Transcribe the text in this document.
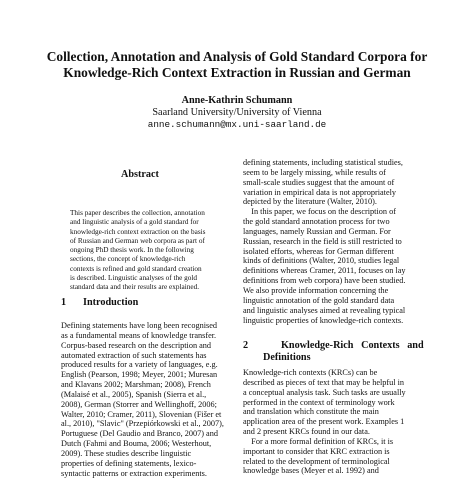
Collection, Annotation and Analysis of Gold Standard Corpora for
Knowledge-Rich Context Extraction in Russian and German
Anne-Kathrin Schumann
Saarland University/University of Vienna
anne.schumann@mx.uni-saarland.de
Abstract
This paper describes the collection, annotation
and linguistic analysis of a gold standard for
knowledge-rich context extraction on the basis
of Russian and German web corpora as part of
ongoing PhD thesis work. In the following
sections, the concept of knowledge-rich
contexts is refined and gold standard creation
is described. Linguistic analyses of the gold
standard data and their results are explained.
1 Introduction
Defining statements have long been recognised
as a fundamental means of knowledge transfer.
Corpus-based research on the description and
automated extraction of such statements has
produced results for a variety of languages, e.g.
English (Pearson, 1998; Meyer, 2001; Muresan
and Klavans 2002; Marshman; 2008), French
(Malaisé et al., 2005), Spanish (Sierra et al.,
2008), German (Storrer and Wellinghoff, 2006;
Walter, 2010; Cramer, 2011), Slovenian (Fišer et
al., 2010), "Slavic" (Przepiórkowski et al., 2007),
Portuguese (Del Gaudio and Branco, 2007) and
Dutch (Fahmi and Bouma, 2006; Westerhout,
2009). These studies describe linguistic
properties of defining statements, lexico-
syntactic patterns or extraction experiments.
defining statements, including statistical studies,
seem to be largely missing, while results of
small-scale studies suggest that the amount of
variation in empirical data is not appropriately
depicted by the literature (Walter, 2010).
In this paper, we focus on the description of
the gold standard annotation process for two
languages, namely Russian and German. For
Russian, research in the field is still restricted to
isolated efforts, whereas for German different
kinds of definitions (Walter, 2010, studies legal
definitions whereas Cramer, 2011, focuses on lay
definitions from web corpora) have been studied.
We also provide information concerning the
linguistic annotation of the gold standard data
and linguistic analyses aimed at revealing typical
linguistic properties of knowledge-rich contexts.
2	Knowledge-Rich   Contexts   and
Definitions
Knowledge-rich contexts (KRCs) can be
described as pieces of text that may be helpful in
a conceptual analysis task. Such tasks are usually
performed in the context of terminology work
and translation which constitute the main
application area of the present work. Examples 1
and 2 present KRCs found in our data.
For a more formal definition of KRCs, it is
important to consider that KRC extraction is
related to the development of terminological
knowledge bases (Meyer et al. 1992) and
